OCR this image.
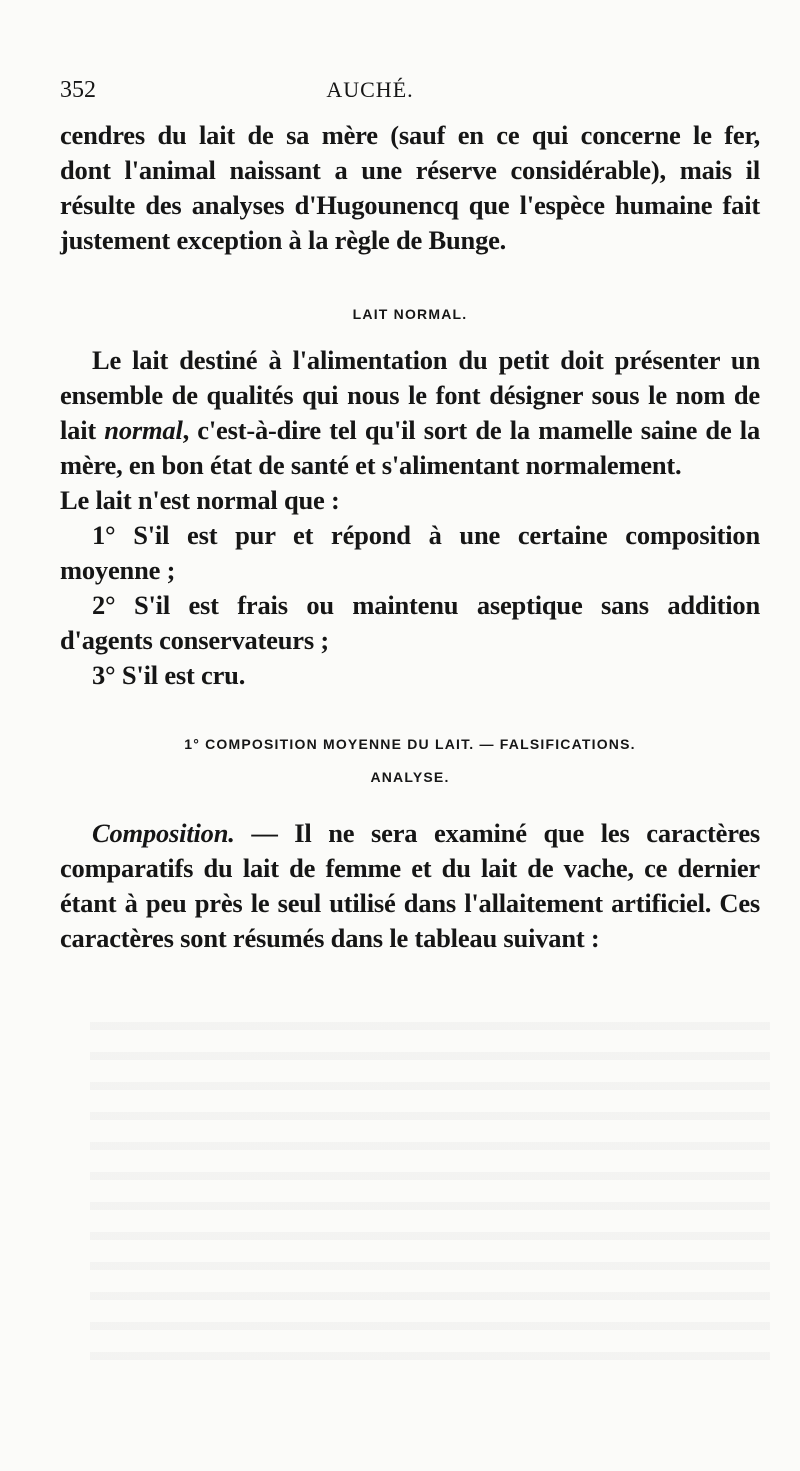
352	AUCHÉ.

cendres du lait de sa mère (sauf en ce qui concerne le fer,

dont l'animal naissant a une réserve considérable), mais il

résulte des analyses d'Hugounencq que l'espèce humaine fait

justement exception à la règle de Bunge.

LAIT NORMAL.

Le lait destiné à l'alimentation du petit doit présenter un ensemble de qualités qui nous le font désigner sous le nom de lait normal, c'est-à-dire tel qu'il sort de la mamelle saine de la mère, en bon état de santé et s'alimentant normalement.

Le lait n'est normal que :

1° S'il est pur et répond à une certaine composition moyenne ;

2° S'il est frais ou maintenu aseptique sans addition d'agents conservateurs ;

3° S'il est cru.

1° COMPOSITION MOYENNE DU LAIT. — FALSIFICATIONS.
ANALYSE.

Composition. — Il ne sera examiné que les caractères comparatifs du lait de femme et du lait de vache, ce dernier étant à peu près le seul utilisé dans l'allaitement artificiel. Ces caractères sont résumés dans le tableau suivant :
